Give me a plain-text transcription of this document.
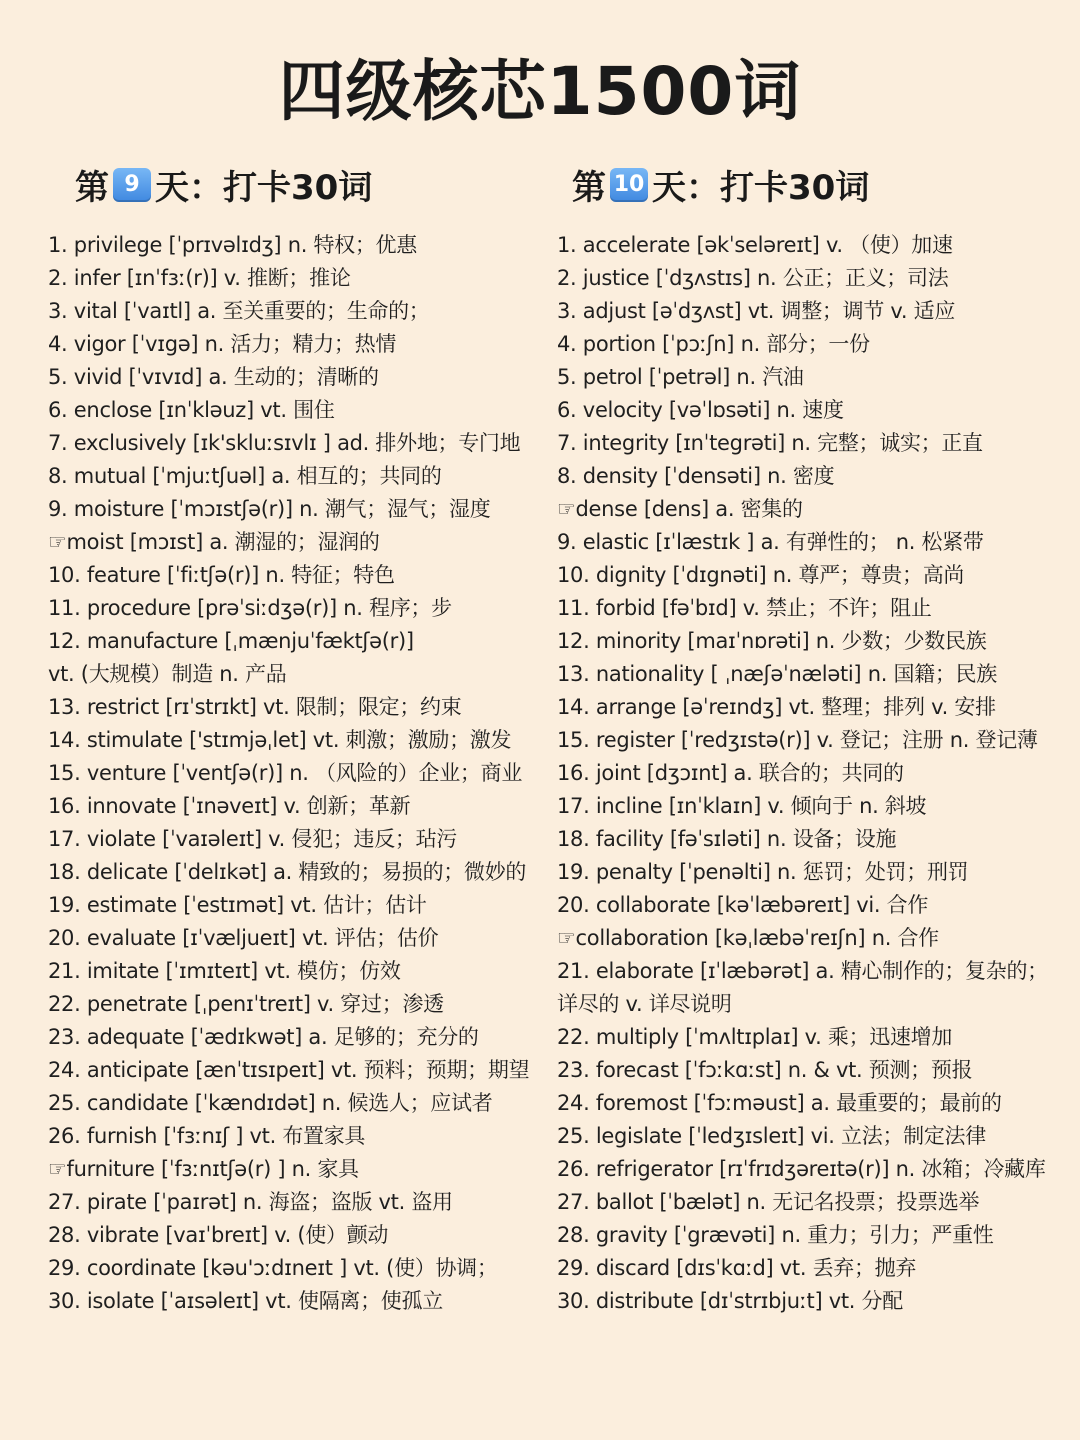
四级核芯1500词
第 9 天：打卡30词	第 10 天：打卡30词
1. privilege [ˈprɪvəlɪdʒ] n. 特权；优惠
2. infer [ɪnˈfɜː(r)] v. 推断；推论
3. vital [ˈvaɪtl] a. 至关重要的；生命的；
4. vigor [ˈvɪgə] n. 活力；精力；热情
5. vivid [ˈvɪvɪd] a. 生动的；清晰的
6. enclose [ɪnˈkləuz] vt. 围住
7. exclusively [ɪk'skluːsɪvlɪ ] ad. 排外地；专门地
8. mutual [ˈmjuːtʃuəl] a. 相互的；共同的
9. moisture [ˈmɔɪstʃə(r)] n. 潮气；湿气；湿度
☞moist [mɔɪst] a. 潮湿的；湿润的
10. feature [ˈfiːtʃə(r)] n. 特征；特色
11. procedure [prəˈsiːdʒə(r)] n. 程序；步
12. manufacture [ˌmænjuˈfæktʃə(r)]
vt. (大规模）制造 n. 产品
13. restrict [rɪˈstrɪkt] vt. 限制；限定；约束
14. stimulate ['stɪmjəˌlet] vt. 刺激；激励；激发
15. venture [ˈventʃə(r)] n. （风险的）企业；商业
16. innovate [ˈɪnəveɪt] v. 创新；革新
17. violate [ˈvaɪəleɪt] v. 侵犯；违反；玷污
18. delicate [ˈdelɪkət] a. 精致的；易损的；微妙的
19. estimate [ˈestɪmət] vt. 估计；估计
20. evaluate [ɪˈvæljueɪt] vt. 评估；估价
21. imitate [ˈɪmɪteɪt] vt. 模仿；仿效
22. penetrate [ˌpenɪˈtreɪt] v. 穿过；渗透
23. adequate [ˈædɪkwət] a. 足够的；充分的
24. anticipate [ænˈtɪsɪpeɪt] vt. 预料；预期；期望
25. candidate [ˈkændɪdət] n. 候选人；应试者
26. furnish [ˈfɜːnɪʃ ] vt. 布置家具
☞furniture [ˈfɜːnɪtʃə(r) ] n. 家具
27. pirate [ˈpaɪrət] n. 海盗；盗版 vt. 盗用
28. vibrate [vaɪˈbreɪt] v. (使）颤动
29. coordinate [kəu'ɔːdɪneɪt ] vt. (使）协调；
30. isolate [ˈaɪsəleɪt] vt. 使隔离；使孤立
1. accelerate [əkˈseləreɪt] v. （使）加速
2. justice [ˈdʒʌstɪs] n. 公正；正义；司法
3. adjust [əˈdʒʌst] vt. 调整；调节 v. 适应
4. portion [ˈpɔːʃn] n. 部分；一份
5. petrol [ˈpetrəl] n. 汽油
6. velocity [vəˈlɒsəti] n. 速度
7. integrity [ɪnˈtegrəti] n. 完整；诚实；正直
8. density [ˈdensəti] n. 密度
☞dense [dens] a. 密集的
9. elastic [ɪˈlæstɪk ] a. 有弹性的； n. 松紧带
10. dignity [ˈdɪgnəti] n. 尊严；尊贵；高尚
11. forbid [fəˈbɪd] v. 禁止；不许；阻止
12. minority [maɪˈnɒrəti] n. 少数；少数民族
13. nationality [ ˌnæʃəˈnæləti] n. 国籍；民族
14. arrange [əˈreɪndʒ] vt. 整理；排列 v. 安排
15. register [ˈredʒɪstə(r)] v. 登记；注册 n. 登记薄
16. joint [dʒɔɪnt] a. 联合的；共同的
17. incline [ɪnˈklaɪn] v. 倾向于 n. 斜坡
18. facility [fəˈsɪləti] n. 设备；设施
19. penalty [ˈpenəlti] n. 惩罚；处罚；刑罚
20. collaborate [kəˈlæbəreɪt] vi. 合作
☞collaboration [kəˌlæbəˈreɪʃn] n. 合作
21. elaborate [ɪˈlæbərət] a. 精心制作的；复杂的；
详尽的 v. 详尽说明
22. multiply [ˈmʌltɪplaɪ] v. 乘；迅速增加
23. forecast [ˈfɔːkɑːst] n. & vt. 预测；预报
24. foremost [ˈfɔːməust] a. 最重要的；最前的
25. legislate [ˈledʒɪsleɪt] vi. 立法；制定法律
26. refrigerator [rɪˈfrɪdʒəreɪtə(r)] n. 冰箱；冷藏库
27. ballot [ˈbælət] n. 无记名投票；投票选举
28. gravity [ˈgrævəti] n. 重力；引力；严重性
29. discard [dɪsˈkɑːd] vt. 丢弃；抛弃
30. distribute [dɪˈstrɪbjuːt] vt. 分配
